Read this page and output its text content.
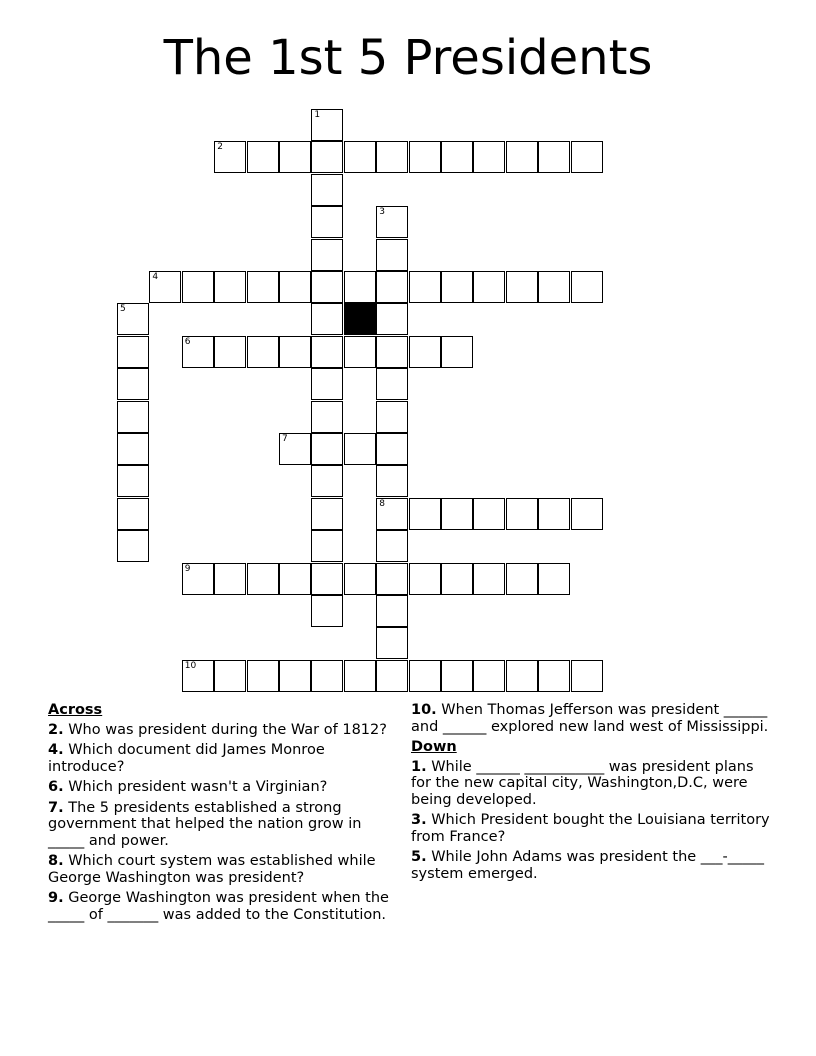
The 1st 5 Presidents
1
2
3
8
4
5
6
7
9
10
Across
2. Who was president during the War of 1812?
4. Which document did James Monroe introduce?
6. Which president wasn't a Virginian?
7. The 5 presidents established a strong government that helped the nation grow in _____ and power.
8. Which court system was established while George Washington was president?
9. George Washington was president when the _____ of _______ was added to the Constitution.
10. When Thomas Jefferson was president ______ and ______ explored new land west of Mississippi.
Down
1. While ______ ___________ was president plans for the new capital city, Washington,D.C, were being developed.
3. Which President bought the Louisiana territory from France?
5. While John Adams was president the ___-_____ system emerged.
